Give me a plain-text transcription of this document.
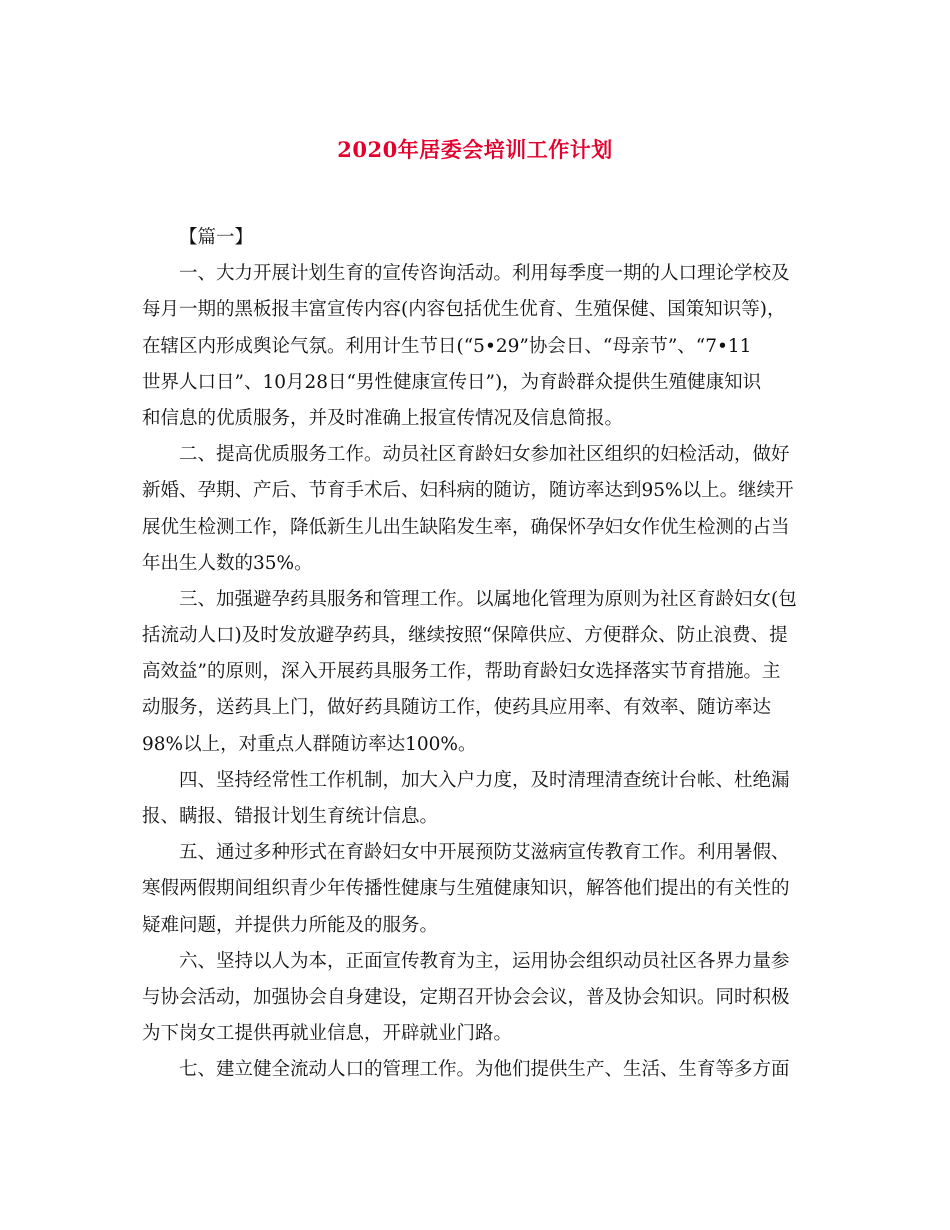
2020年居委会培训工作计划
【篇一】
一、大力开展计划生育的宣传咨询活动。利用每季度一期的人口理论学校及
每月一期的黑板报丰富宣传内容(内容包括优生优育、生殖保健、国策知识等)，
在辖区内形成舆论气氛。利用计生节日(“5•29”协会日、“母亲节”、“7•11
世界人口日”、10月28日“男性健康宣传日”)，为育龄群众提供生殖健康知识
和信息的优质服务，并及时准确上报宣传情况及信息简报。
二、提高优质服务工作。动员社区育龄妇女参加社区组织的妇检活动，做好
新婚、孕期、产后、节育手术后、妇科病的随访，随访率达到95%以上。继续开
展优生检测工作，降低新生儿出生缺陷发生率，确保怀孕妇女作优生检测的占当
年出生人数的35%。
三、加强避孕药具服务和管理工作。以属地化管理为原则为社区育龄妇女(包
括流动人口)及时发放避孕药具，继续按照“保障供应、方便群众、防止浪费、提
高效益”的原则，深入开展药具服务工作，帮助育龄妇女选择落实节育措施。主
动服务，送药具上门，做好药具随访工作，使药具应用率、有效率、随访率达
98%以上，对重点人群随访率达100%。
四、坚持经常性工作机制，加大入户力度，及时清理清查统计台帐、杜绝漏
报、瞒报、错报计划生育统计信息。
五、通过多种形式在育龄妇女中开展预防艾滋病宣传教育工作。利用暑假、
寒假两假期间组织青少年传播性健康与生殖健康知识，解答他们提出的有关性的
疑难问题，并提供力所能及的服务。
六、坚持以人为本，正面宣传教育为主，运用协会组织动员社区各界力量参
与协会活动，加强协会自身建设，定期召开协会会议，普及协会知识。同时积极
为下岗女工提供再就业信息，开辟就业门路。
七、建立健全流动人口的管理工作。为他们提供生产、生活、生育等多方面
